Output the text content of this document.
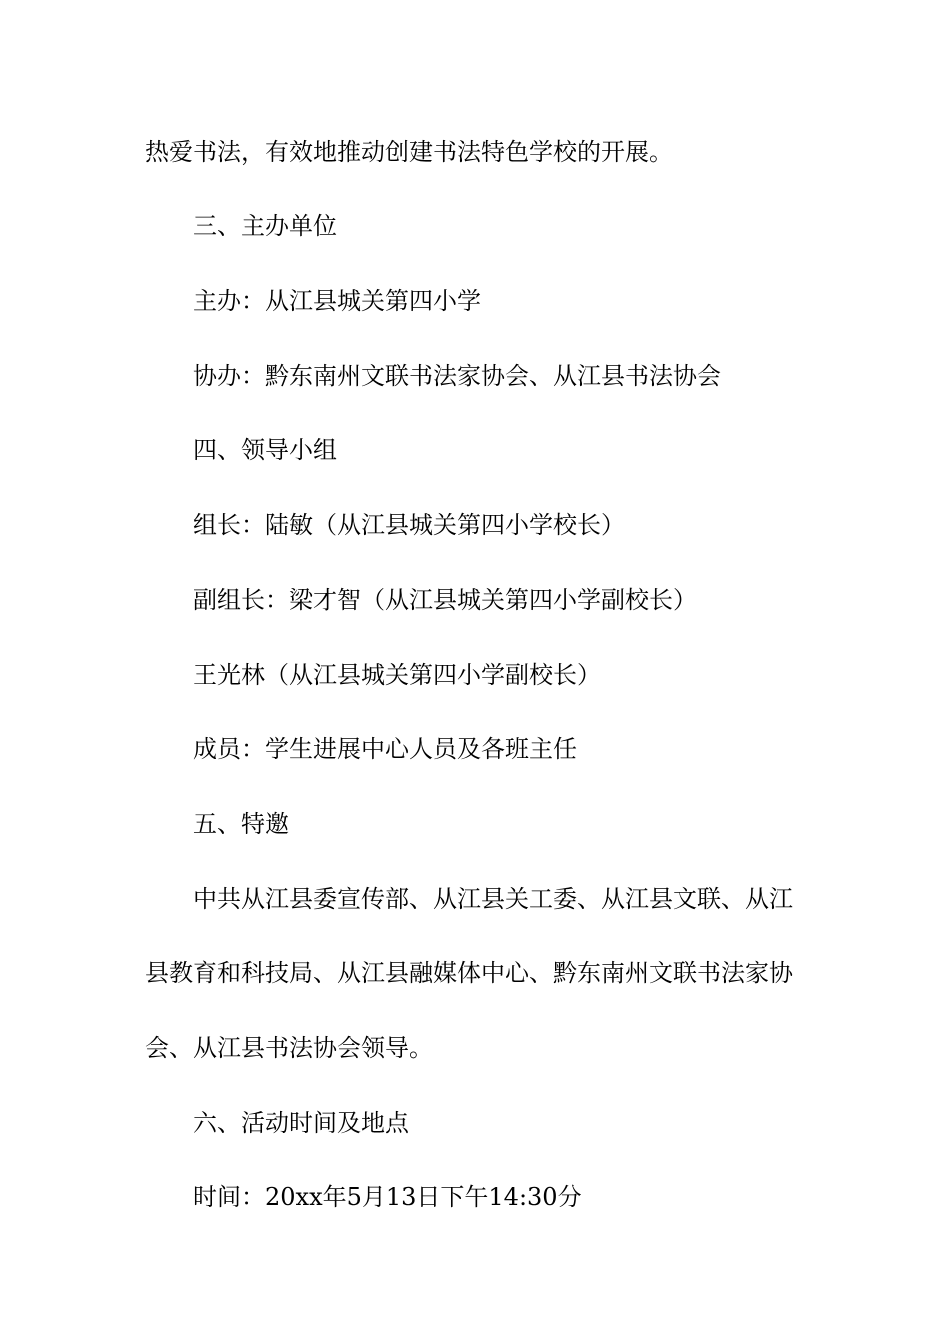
热爱书法，有效地推动创建书法特色学校的开展。
三、主办单位
主办：从江县城关第四小学
协办：黔东南州文联书法家协会、从江县书法协会
四、领导小组
组长：陆敏（从江县城关第四小学校长）
副组长：梁才智（从江县城关第四小学副校长）
王光林（从江县城关第四小学副校长）
成员：学生进展中心人员及各班主任
五、特邀
中共从江县委宣传部、从江县关工委、从江县文联、从江
县教育和科技局、从江县融媒体中心、黔东南州文联书法家协
会、从江县书法协会领导。
六、活动时间及地点
时间：20xx年5月13日下午14:30分
